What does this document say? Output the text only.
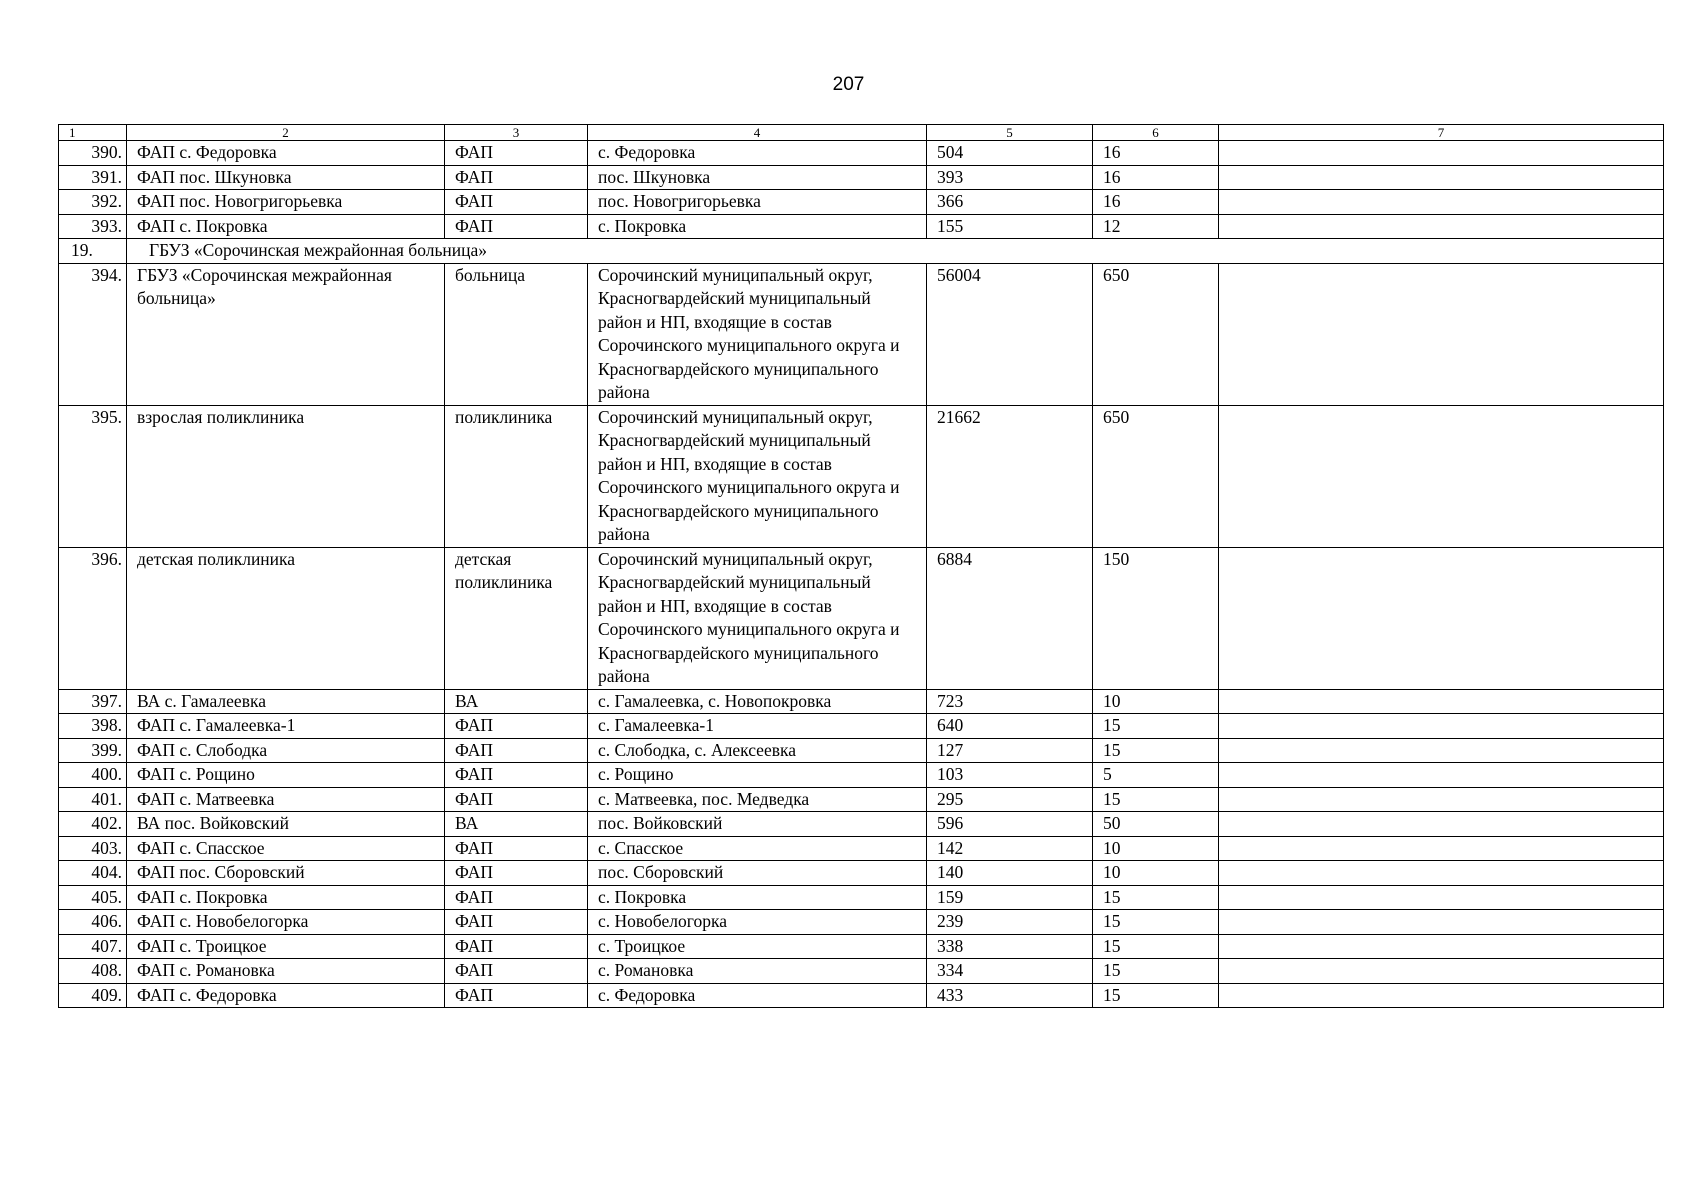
207
1	2	3	4	5	6	7
390.	ФАП с. Федоровка	ФАП	с. Федоровка	504	16	
391.	ФАП пос. Шкуновка	ФАП	пос. Шкуновка	393	16	
392.	ФАП пос. Новогригорьевка	ФАП	пос. Новогригорьевка	366	16	
393.	ФАП с. Покровка	ФАП	с. Покровка	155	12	
19.	ГБУЗ «Сорочинская межрайонная больница»					
394.	ГБУЗ «Сорочинская межрайонная больница»	больница	Сорочинский муниципальный округ, Красногвардейский муниципальный район и НП, входящие в состав Сорочинского муниципального округа и Красногвардейского муниципального района	56004	650	
395.	взрослая поликлиника	поликлиника	Сорочинский муниципальный округ, Красногвардейский муниципальный район и НП, входящие в состав Сорочинского муниципального округа и Красногвардейского муниципального района	21662	650	
396.	детская поликлиника	детская поликлиника	Сорочинский муниципальный округ, Красногвардейский муниципальный район и НП, входящие в состав Сорочинского муниципального округа и Красногвардейского муниципального района	6884	150	
397.	ВА с. Гамалеевка	ВА	с. Гамалеевка, с. Новопокровка	723	10	
398.	ФАП с. Гамалеевка-1	ФАП	с. Гамалеевка-1	640	15	
399.	ФАП с. Слободка	ФАП	с. Слободка, с. Алексеевка	127	15	
400.	ФАП с. Рощино	ФАП	с. Рощино	103	5	
401.	ФАП с. Матвеевка	ФАП	с. Матвеевка, пос. Медведка	295	15	
402.	ВА пос. Войковский	ВА	пос. Войковский	596	50	
403.	ФАП с. Спасское	ФАП	с. Спасское	142	10	
404.	ФАП пос. Сборовский	ФАП	пос. Сборовский	140	10	
405.	ФАП с. Покровка	ФАП	с. Покровка	159	15	
406.	ФАП с. Новобелогорка	ФАП	с. Новобелогорка	239	15	
407.	ФАП с. Троицкое	ФАП	с. Троицкое	338	15	
408.	ФАП с. Романовка	ФАП	с. Романовка	334	15	
409.	ФАП с. Федоровка	ФАП	с. Федоровка	433	15	
